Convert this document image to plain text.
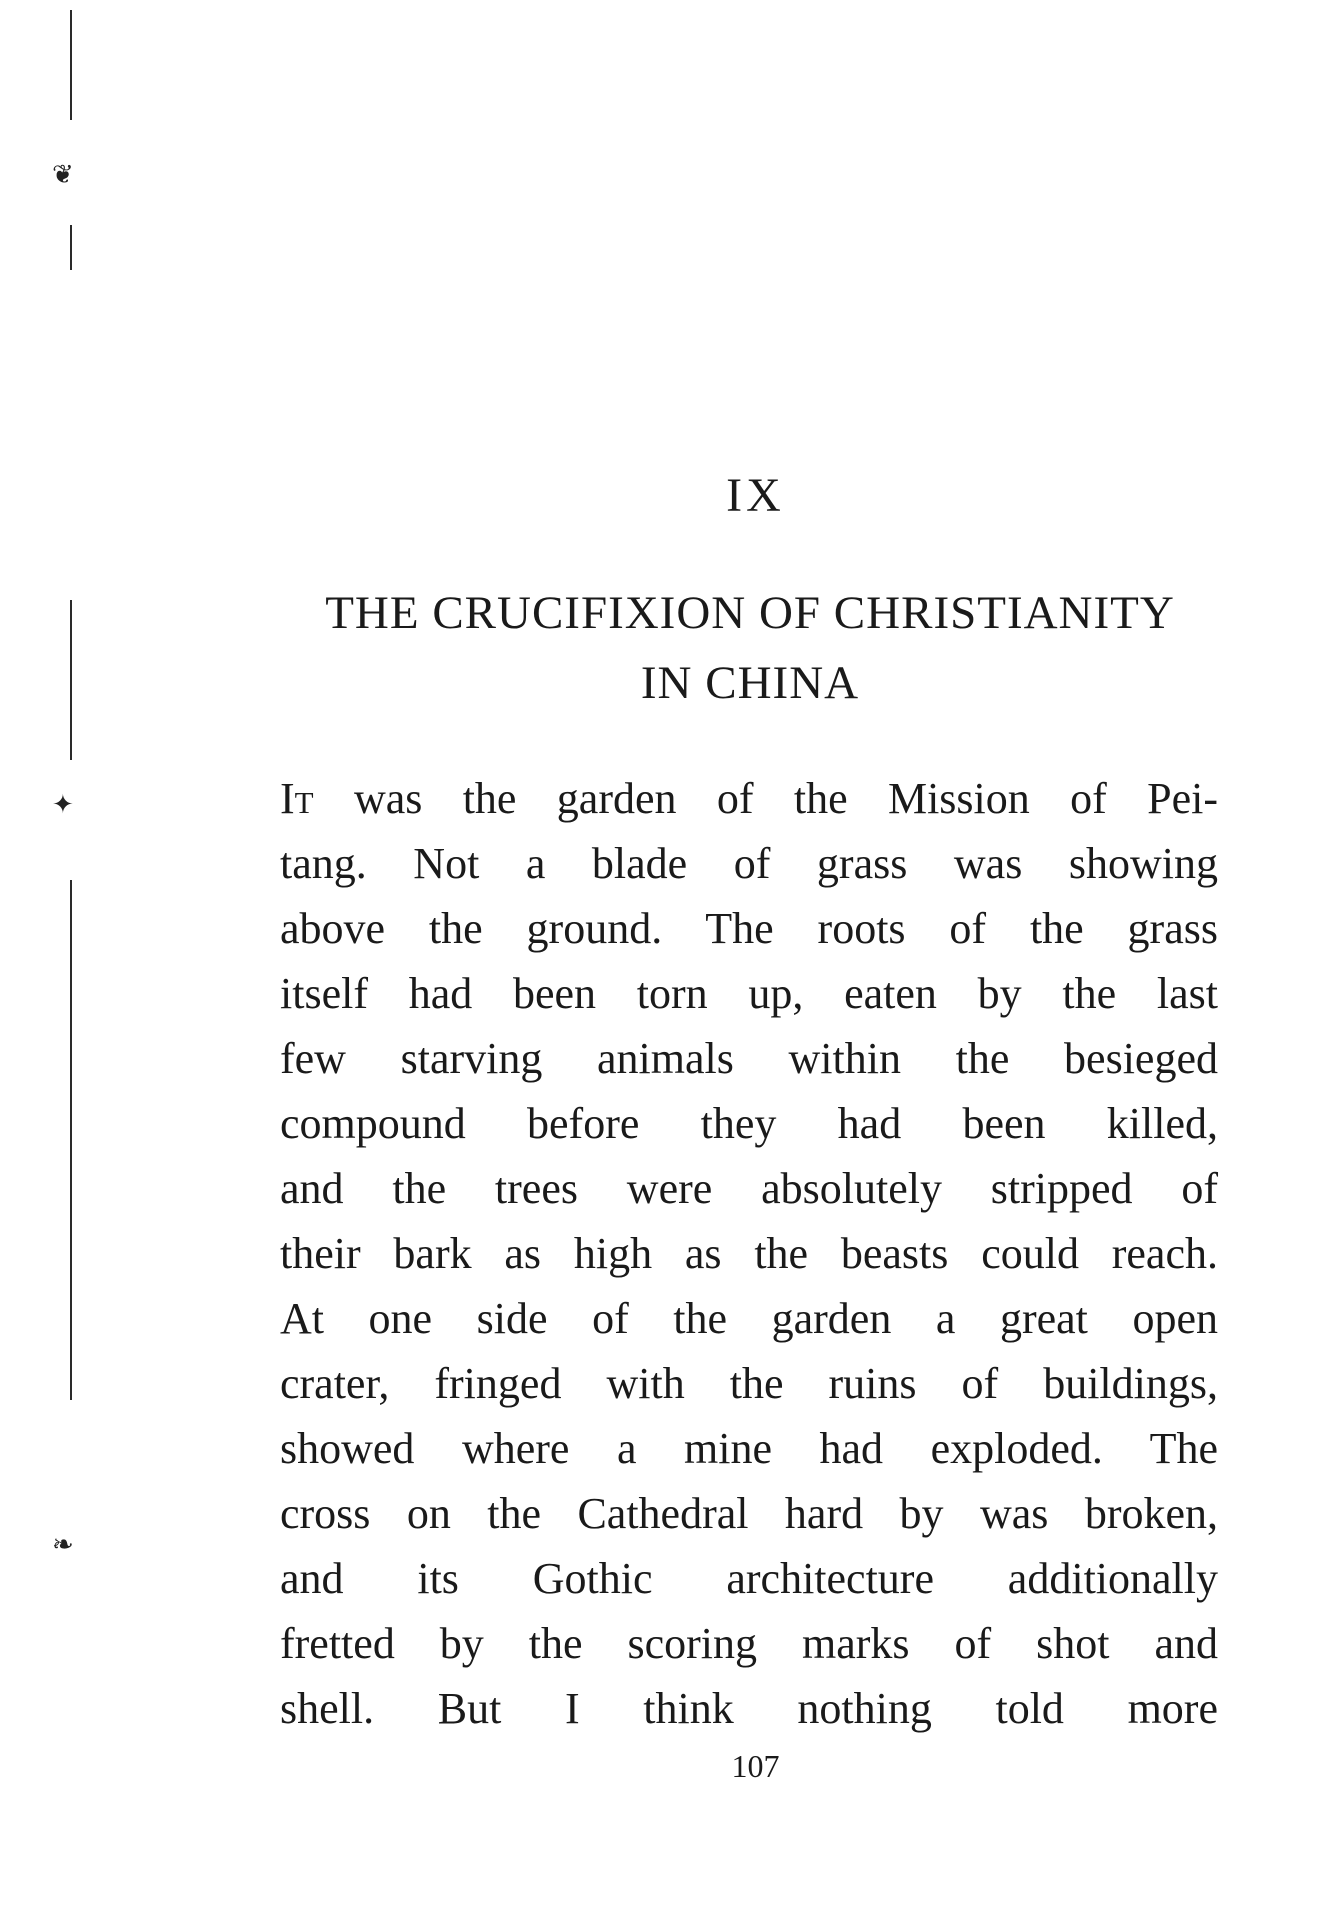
❦
✦
❧
IX
THE CRUCIFIXION OF CHRISTIANITY
IN CHINA
It was the garden of the Mission of Pei-
tang. Not a blade of grass was showing
above the ground. The roots of the grass
itself had been torn up, eaten by the last
few starving animals within the besieged
compound before they had been killed,
and the trees were absolutely stripped of
their bark as high as the beasts could reach.
At one side of the garden a great open
crater, fringed with the ruins of buildings,
showed where a mine had exploded. The
cross on the Cathedral hard by was broken,
and its Gothic architecture additionally
fretted by the scoring marks of shot and
shell. But I think nothing told more
107
